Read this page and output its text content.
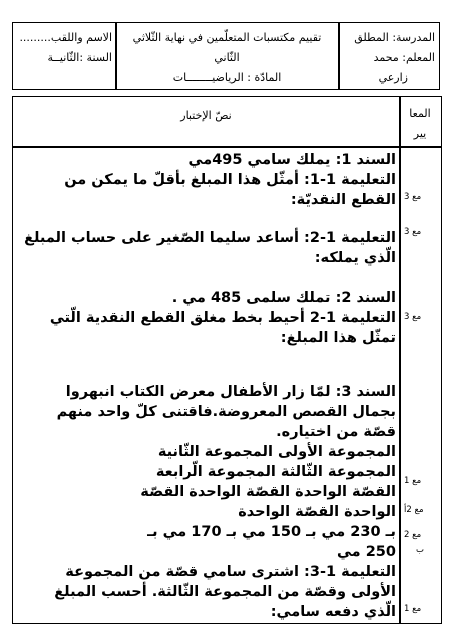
المدرسة: المطلق
المعلم: محمد
زارعي
تقييم مكتسبات المتعلّمين في نهاية الثّلاثي
الثّاني
المادّة : الرياضيــــــــات
الاسم واللقب.........
السنة :الثّانيــة
المعا
يير
نصّ الإختبار
السند 1: يملك سامي 495مي
التعليمة 1-1: أمثّل هذا المبلغ بأقلّ ما يمكن من
القطع النقديّة:
التعليمة 1-2: أساعد سليما الصّغير على حساب المبلغ
الّذي يملكه:
السند 2: تملك سلمى 485 مي .
التعليمة 1-2 أحيط بخط مغلق القطع النقدية الّتي
تمثّل هذا المبلغ:
السند 3: لمّا زار الأطفال معرض الكتاب انبهروا
بجمال القصص المعروضة.فاقتنى كلّ واحد منهم
قصّة من اختياره.
المجموعة الأولى المجموعة الثّانية
المجموعة الثّالثة المجموعة الّرابعة
القصّة الواحدة القصّة الواحدة القصّة
الواحدة القصّة الواحدة
بـ 230 مي بـ 150 مي بـ 170 مي بـ
250 مي
التعليمة 1-3: اشترى سامي قصّة من المجموعة
الأولى وقصّة من المجموعة الثّالثة. أحسب المبلغ
الّذي دفعه سامي:
مع 3
مع 3
مع 3
مع 1
مع 2أ
مع 2
ب
مع 1
